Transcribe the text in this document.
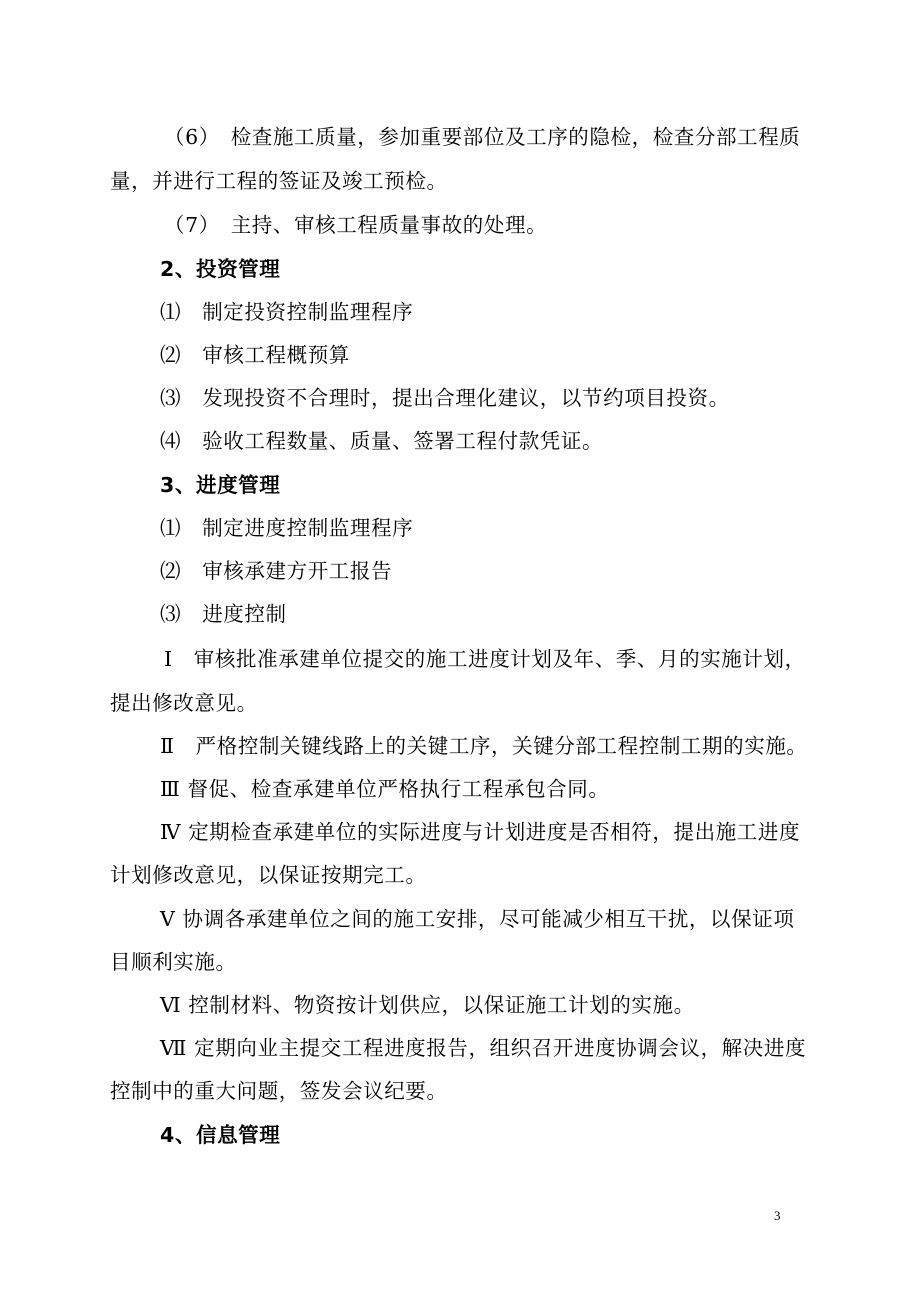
（6）　检查施工质量，参加重要部位及工序的隐检，检查分部工程质
量，并进行工程的签证及竣工预检。
（7）　主持、审核工程质量事故的处理。
2、投资管理
⑴　制定投资控制监理程序
⑵　审核工程概预算
⑶　发现投资不合理时，提出合理化建议，以节约项目投资。
⑷　验收工程数量、质量、签署工程付款凭证。
3、进度管理
⑴　制定进度控制监理程序
⑵　审核承建方开工报告
⑶　进度控制
Ⅰ　审核批准承建单位提交的施工进度计划及年、季、月的实施计划，
提出修改意见。
Ⅱ　严格控制关键线路上的关键工序，关键分部工程控制工期的实施。
Ⅲ 督促、检查承建单位严格执行工程承包合同。
Ⅳ 定期检查承建单位的实际进度与计划进度是否相符，提出施工进度
计划修改意见，以保证按期完工。
Ⅴ 协调各承建单位之间的施工安排，尽可能减少相互干扰，以保证项
目顺利实施。
Ⅵ 控制材料、物资按计划供应，以保证施工计划的实施。
Ⅶ 定期向业主提交工程进度报告，组织召开进度协调会议，解决进度
控制中的重大问题，签发会议纪要。
4、信息管理
3
